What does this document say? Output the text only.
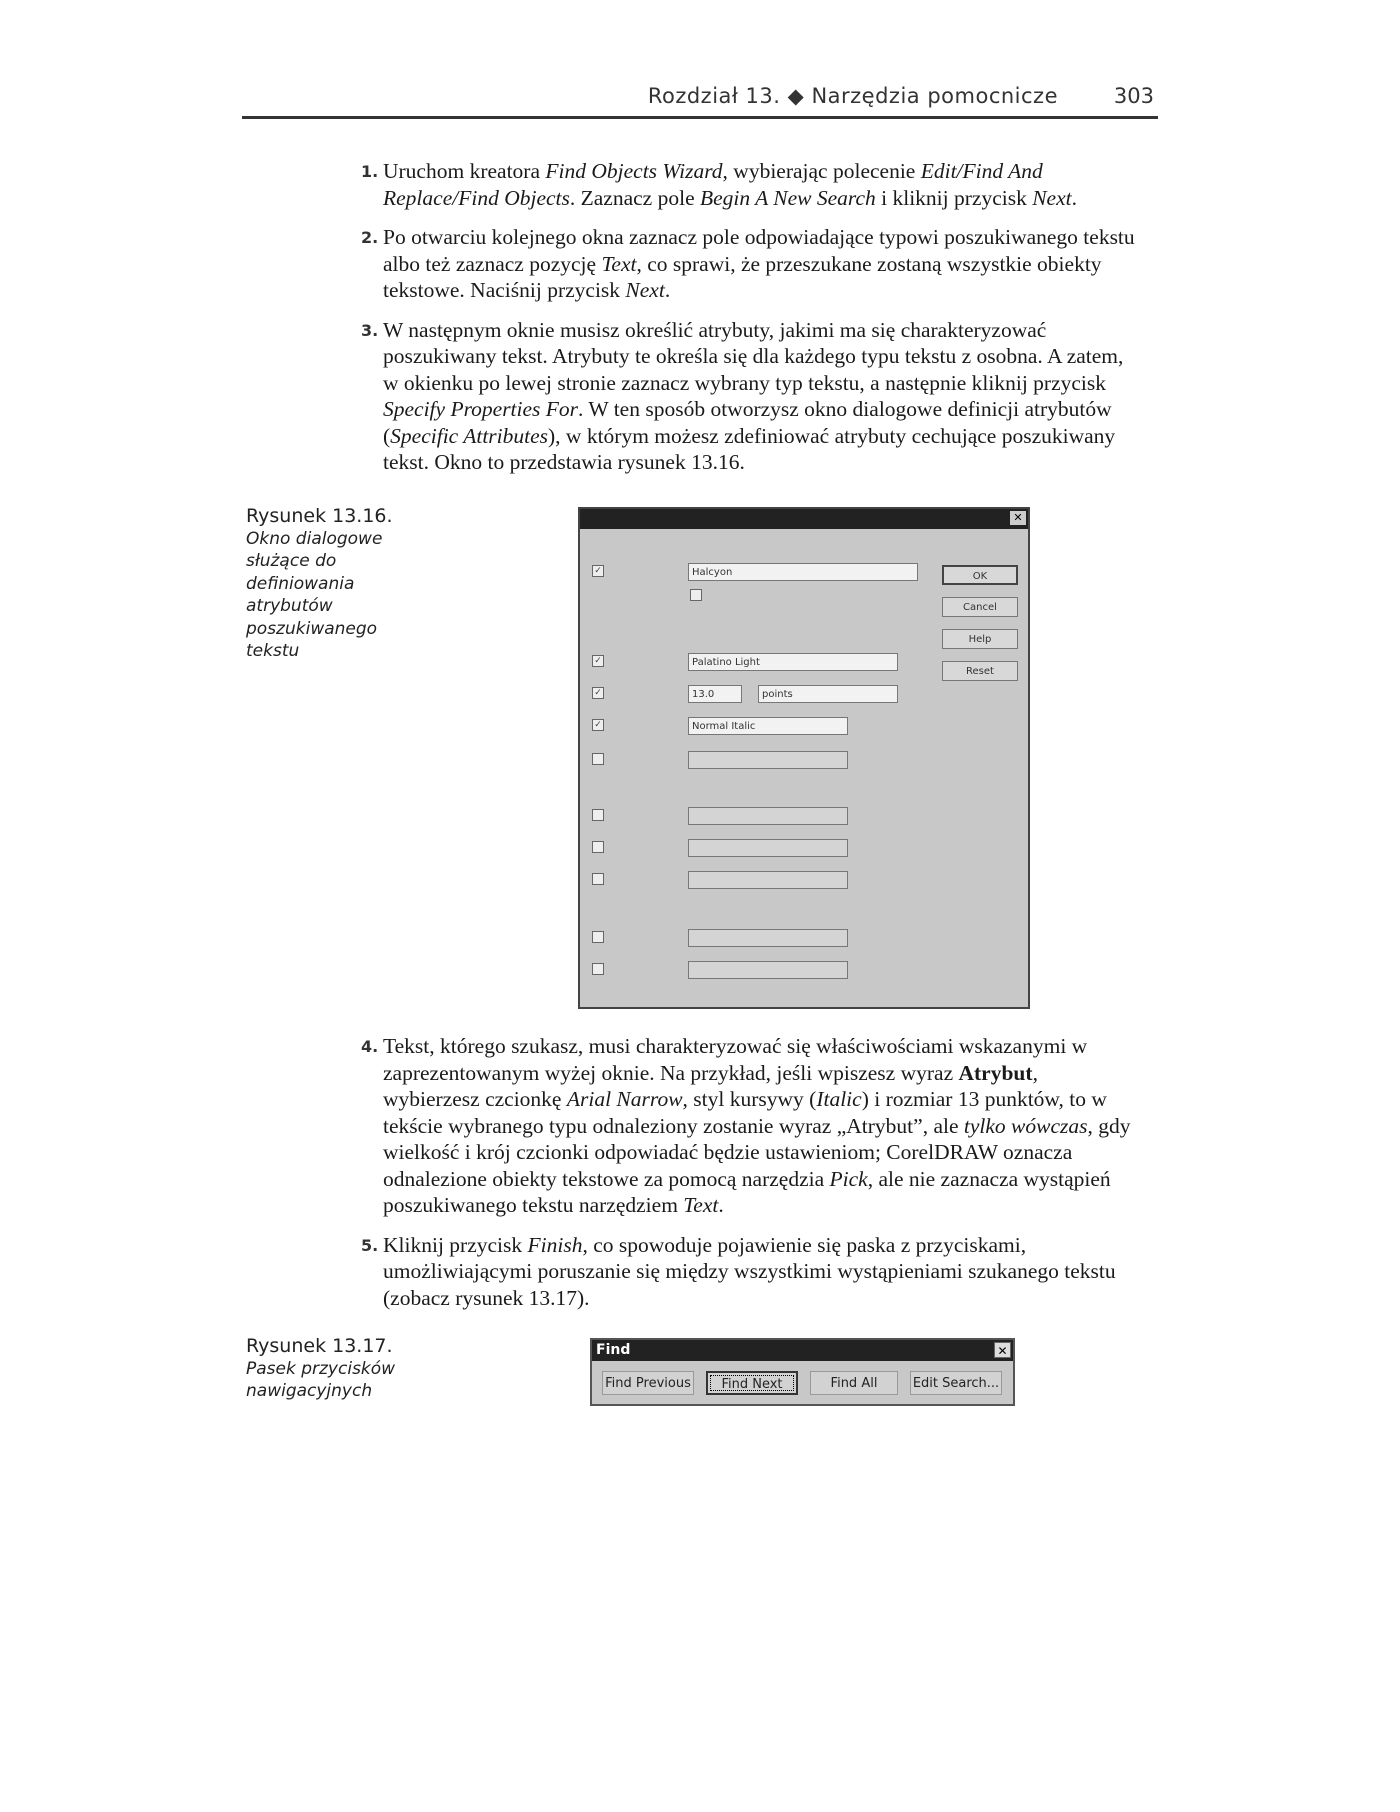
Rozdział 13. ◆ Narzędzia pomocnicze	303

1. Uruchom kreatora Find Objects Wizard, wybierając polecenie Edit/Find And Replace/Find Objects. Zaznacz pole Begin A New Search i kliknij przycisk Next.

2. Po otwarciu kolejnego okna zaznacz pole odpowiadające typowi poszukiwanego tekstu albo też zaznacz pozycję Text, co sprawi, że przeszukane zostaną wszystkie obiekty tekstowe. Naciśnij przycisk Next.

3. W następnym oknie musisz określić atrybuty, jakimi ma się charakteryzować poszukiwany tekst. Atrybuty te określa się dla każdego typu tekstu z osobna. A zatem, w okienku po lewej stronie zaznacz wybrany typ tekstu, a następnie kliknij przycisk Specify Properties For. W ten sposób otworzysz okno dialogowe definicji atrybutów (Specific Attributes), w którym możesz zdefiniować atrybuty cechujące poszukiwany tekst. Okno to przedstawia rysunek 13.16.

Rysunek 13.16.
Okno dialogowe służące do definiowania atrybutów poszukiwanego tekstu
✕
✓	Halcyon
✓	Palatino Light
✓	13.0	points
✓	Normal Italic
OK
Cancel
Help
Reset

4. Tekst, którego szukasz, musi charakteryzować się właściwościami wskazanymi w zaprezentowanym wyżej oknie. Na przykład, jeśli wpiszesz wyraz Atrybut, wybierzesz czcionkę Arial Narrow, styl kursywy (Italic) i rozmiar 13 punktów, to w tekście wybranego typu odnaleziony zostanie wyraz „Atrybut”, ale tylko wówczas, gdy wielkość i krój czcionki odpowiadać będzie ustawieniom; CorelDRAW oznacza odnalezione obiekty tekstowe za pomocą narzędzia Pick, ale nie zaznacza wystąpień poszukiwanego tekstu narzędziem Text.

5. Kliknij przycisk Finish, co spowoduje pojawienie się paska z przyciskami, umożliwiającymi poruszanie się między wszystkimi wystąpieniami szukanego tekstu (zobacz rysunek 13.17).

Rysunek 13.17.
Pasek przycisków nawigacyjnych
Find	✕
Find Previous	Find Next	Find All	Edit Search...
